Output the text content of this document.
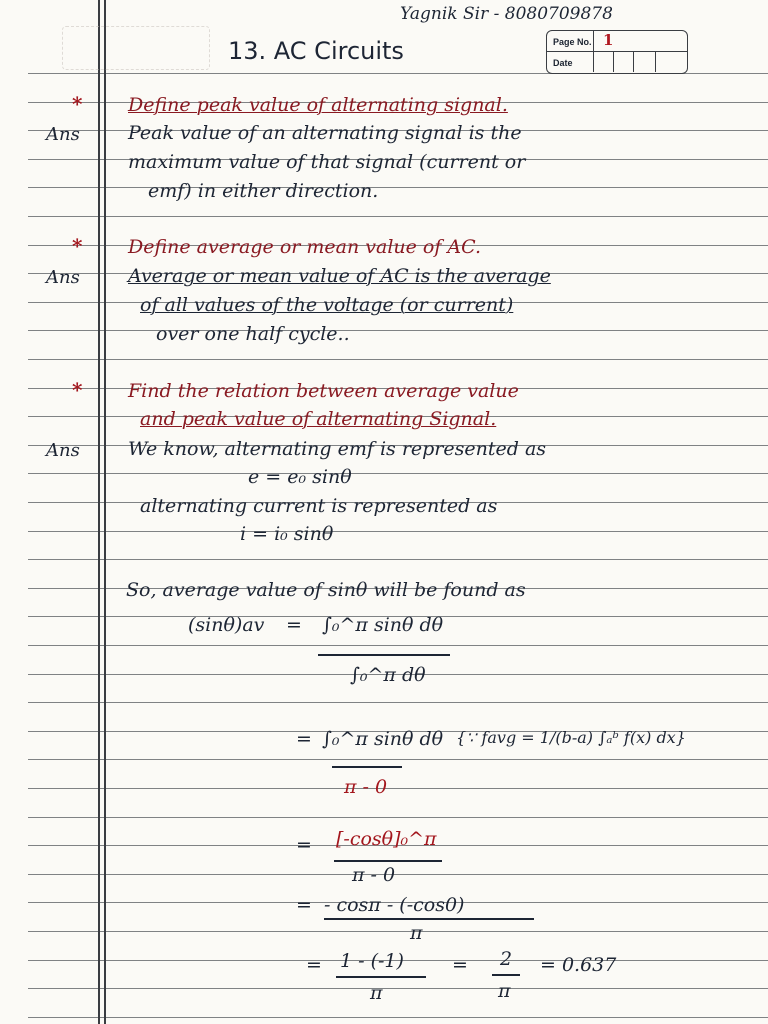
Yagnik Sir - 8080709878
13. AC Circuits	Page No. 1
Date
* Define peak value of alternating signal.
Ans	Peak value of an alternating signal is the
maximum value of that signal (current or
emf) in either direction.
* Define average or mean value of AC.
Ans	Average or mean value of AC is the average
of all values of the voltage (or current)
over one half cycle..
* Find the relation between average value
and peak value of alternating Signal.
Ans	We know, alternating emf is represented as
e = e₀ sinθ
alternating current is represented as
i = i₀ sinθ
So, average value of sinθ will be found as
(sinθ)av = ∫₀^π sinθ dθ
∫₀^π dθ
= ∫₀^π sinθ dθ
π - 0
{∵ favg = 1/(b-a) ∫ₐᵇ f(x) dx}
= [-cosθ]₀^π
π - 0
= - cosπ - (-cos0)
π
= 1 - (-1)
π
= 2
π
= 0.637
